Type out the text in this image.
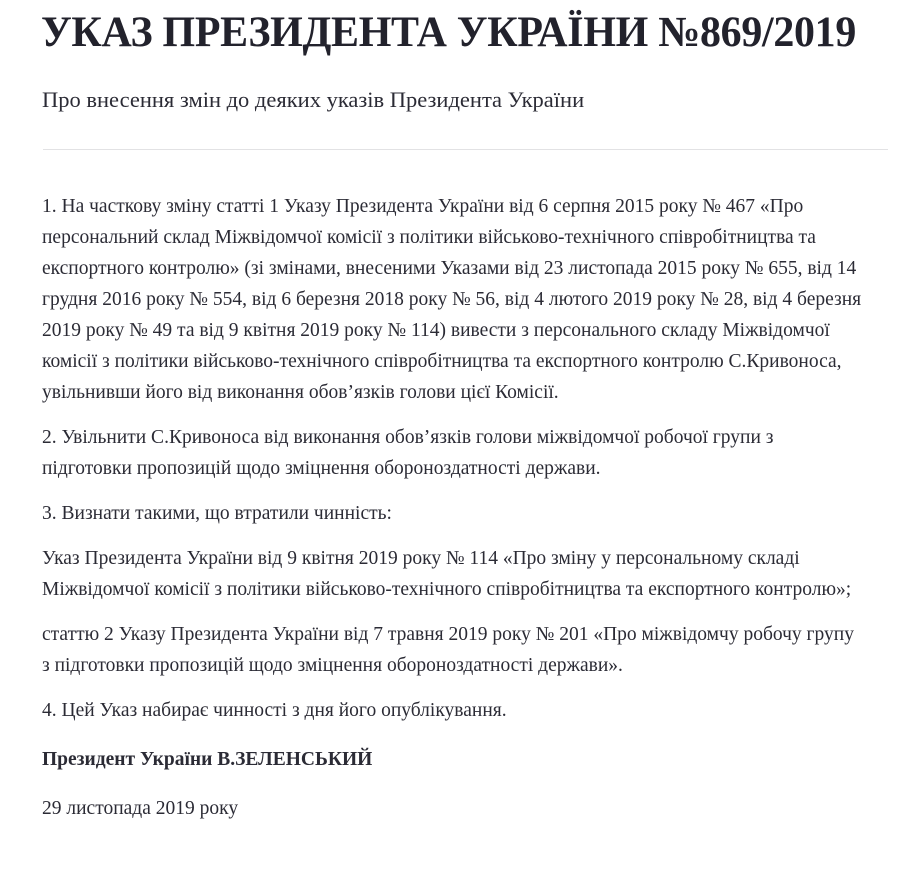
УКАЗ ПРЕЗИДЕНТА УКРАЇНИ №869/2019
Про внесення змін до деяких указів Президента України

1. На часткову зміну статті 1 Указу Президента України від 6 серпня 2015 року № 467 «Про персональний склад Міжвідомчої комісії з політики військово-технічного співробітництва та експортного контролю» (зі змінами, внесеними Указами від 23 листопада 2015 року № 655, від 14 грудня 2016 року № 554, від 6 березня 2018 року № 56, від 4 лютого 2019 року № 28, від 4 березня 2019 року № 49 та від 9 квітня 2019 року № 114) вивести з персонального складу Міжвідомчої комісії з політики військово-технічного співробітництва та експортного контролю С.Кривоноса, увільнивши його від виконання обов’язків голови цієї Комісії.

2. Увільнити С.Кривоноса від виконання обов’язків голови міжвідомчої робочої групи з підготовки пропозицій щодо зміцнення обороноздатності держави.

3. Визнати такими, що втратили чинність:

Указ Президента України від 9 квітня 2019 року № 114 «Про зміну у персональному складі Міжвідомчої комісії з політики військово-технічного співробітництва та експортного контролю»;

статтю 2 Указу Президента України від 7 травня 2019 року № 201 «Про міжвідомчу робочу групу з підготовки пропозицій щодо зміцнення обороноздатності держави».

4. Цей Указ набирає чинності з дня його опублікування.

Президент України В.ЗЕЛЕНСЬКИЙ

29 листопада 2019 року
